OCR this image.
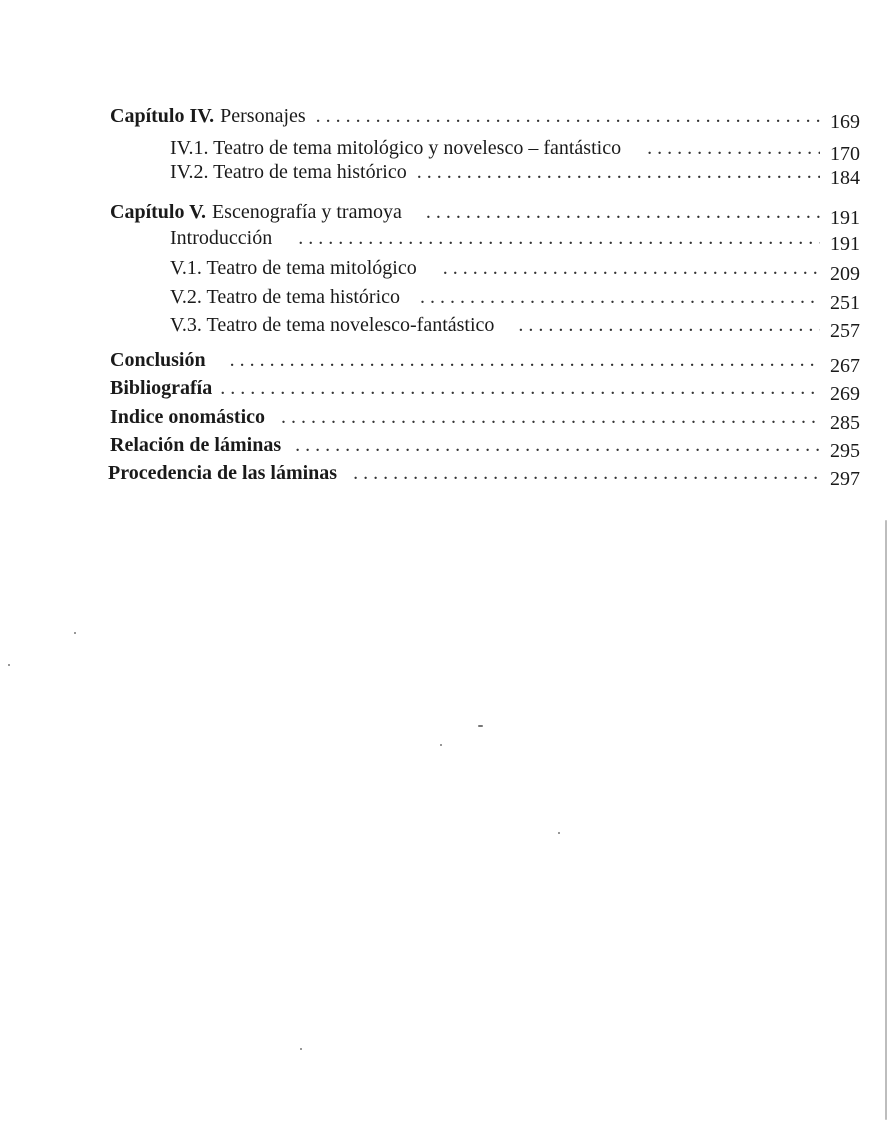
Capítulo IV. Personajes . . .	169
IV.1. Teatro de tema mitológico y novelesco – fantástico . . .	170
IV.2. Teatro de tema histórico . . .	184
Capítulo V. Escenografía y tramoya . . .	191
Introducción . . .	191
V.1. Teatro de tema mitológico . . .	209
V.2. Teatro de tema histórico . . .	251
V.3. Teatro de tema novelesco-fantástico . . .	257
Conclusión . . .	267
Bibliografía . . .	269
Indice onomástico . . .	285
Relación de láminas . . .	295
Procedencia de las láminas . . .	297
